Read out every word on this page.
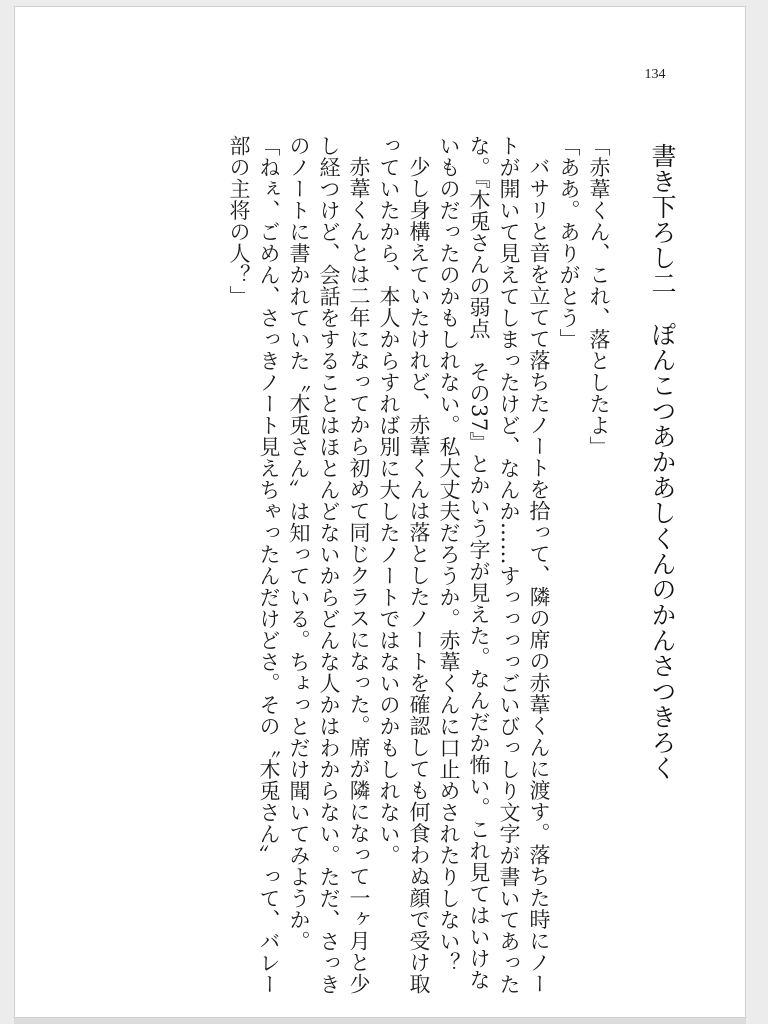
134
書き下ろし二　ぽんこつあかあしくんのかんさつきろく

「赤葦くん、これ、落としたよ」

「ああ。ありがとう」

バサリと音を立てて落ちたノートを拾って、隣の席の赤葦くんに渡す。落ちた時にノートが開いて見えてしまったけど、なんか……すっっっっごいびっしり文字が書いてあったな。『木兎さんの弱点　その37』とかいう字が見えた。なんだか怖い。これ見てはいけないものだったのかもしれない。私大丈夫だろうか。赤葦くんに口止めされたりしない？

少し身構えていたけれど、赤葦くんは落としたノートを確認しても何食わぬ顔で受け取っていたから、本人からすれば別に大したノートではないのかもしれない。

赤葦くんとは二年になってから初めて同じクラスになった。席が隣になって一ヶ月と少し経つけど、会話をすることはほとんどないからどんな人かはわからない。ただ、さっきのノートに書かれていた〝木兎さん〟は知っている。ちょっとだけ聞いてみようか。

「ねぇ、ごめん、さっきノート見えちゃったんだけどさ。その〝木兎さん〟って、バレー部の主将の人？」
